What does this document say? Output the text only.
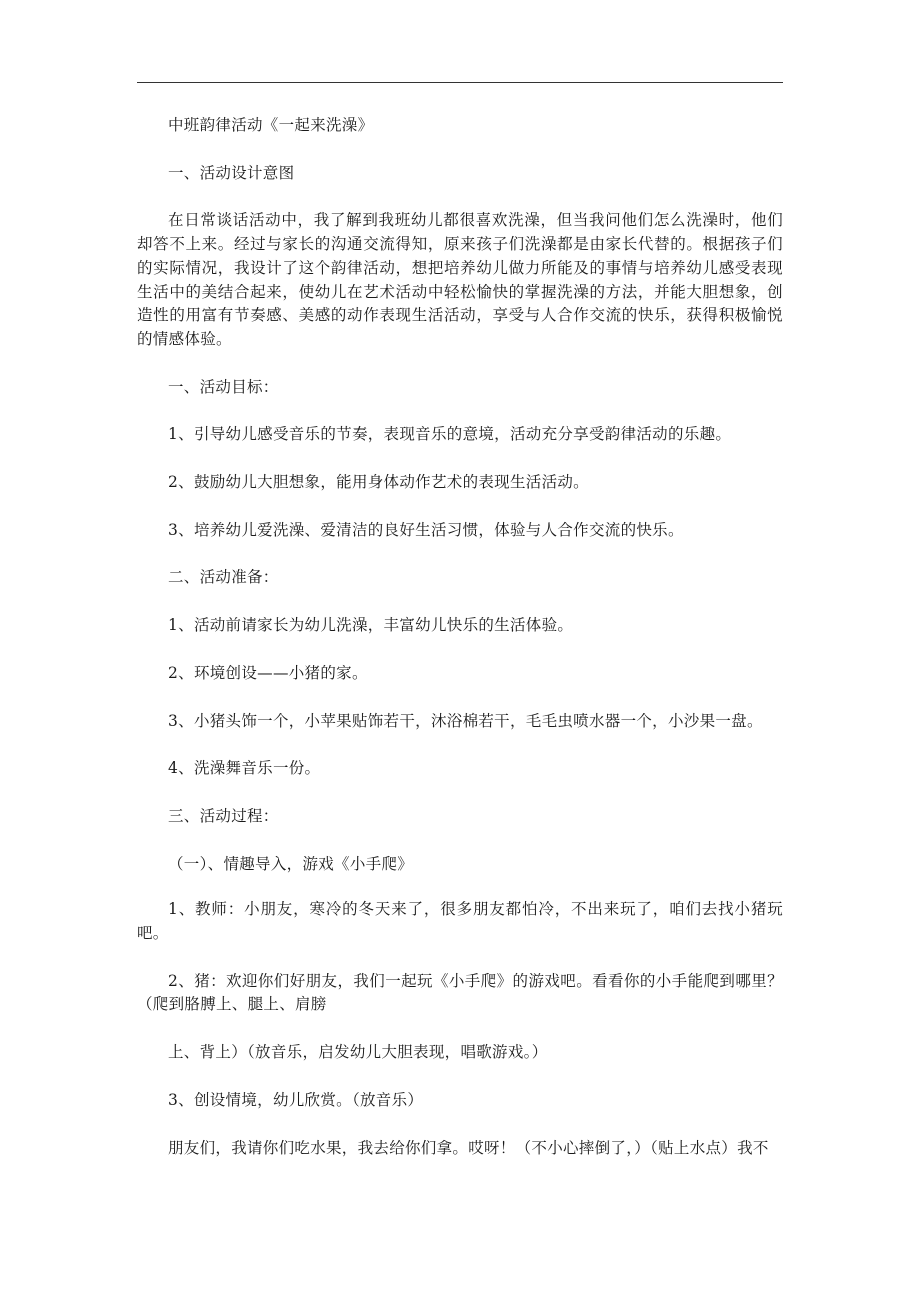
中班韵律活动《一起来洗澡》

一、活动设计意图

在日常谈话活动中，我了解到我班幼儿都很喜欢洗澡，但当我问他们怎么洗澡时，他们却答不上来。经过与家长的沟通交流得知，原来孩子们洗澡都是由家长代替的。根据孩子们的实际情况，我设计了这个韵律活动，想把培养幼儿做力所能及的事情与培养幼儿感受表现生活中的美结合起来，使幼儿在艺术活动中轻松愉快的掌握洗澡的方法，并能大胆想象，创造性的用富有节奏感、美感的动作表现生活活动，享受与人合作交流的快乐，获得积极愉悦的情感体验。

一、活动目标：

1、引导幼儿感受音乐的节奏，表现音乐的意境，活动充分享受韵律活动的乐趣。

2、鼓励幼儿大胆想象，能用身体动作艺术的表现生活活动。

3、培养幼儿爱洗澡、爱清洁的良好生活习惯，体验与人合作交流的快乐。

二、活动准备：

1、活动前请家长为幼儿洗澡，丰富幼儿快乐的生活体验。

2、环境创设——小猪的家。

3、小猪头饰一个，小苹果贴饰若干，沐浴棉若干，毛毛虫喷水器一个，小沙果一盘。

4、洗澡舞音乐一份。

三、活动过程：

（一）、情趣导入，游戏《小手爬》

1、教师：小朋友，寒冷的冬天来了，很多朋友都怕冷，不出来玩了，咱们去找小猪玩吧。

2、猪：欢迎你们好朋友，我们一起玩《小手爬》的游戏吧。看看你的小手能爬到哪里？（爬到胳膊上、腿上、肩膀

上、背上）（放音乐，启发幼儿大胆表现，唱歌游戏。）

3、创设情境，幼儿欣赏。（放音乐）

朋友们，我请你们吃水果，我去给你们拿。哎呀！（不小心摔倒了，）（贴上水点）我不
